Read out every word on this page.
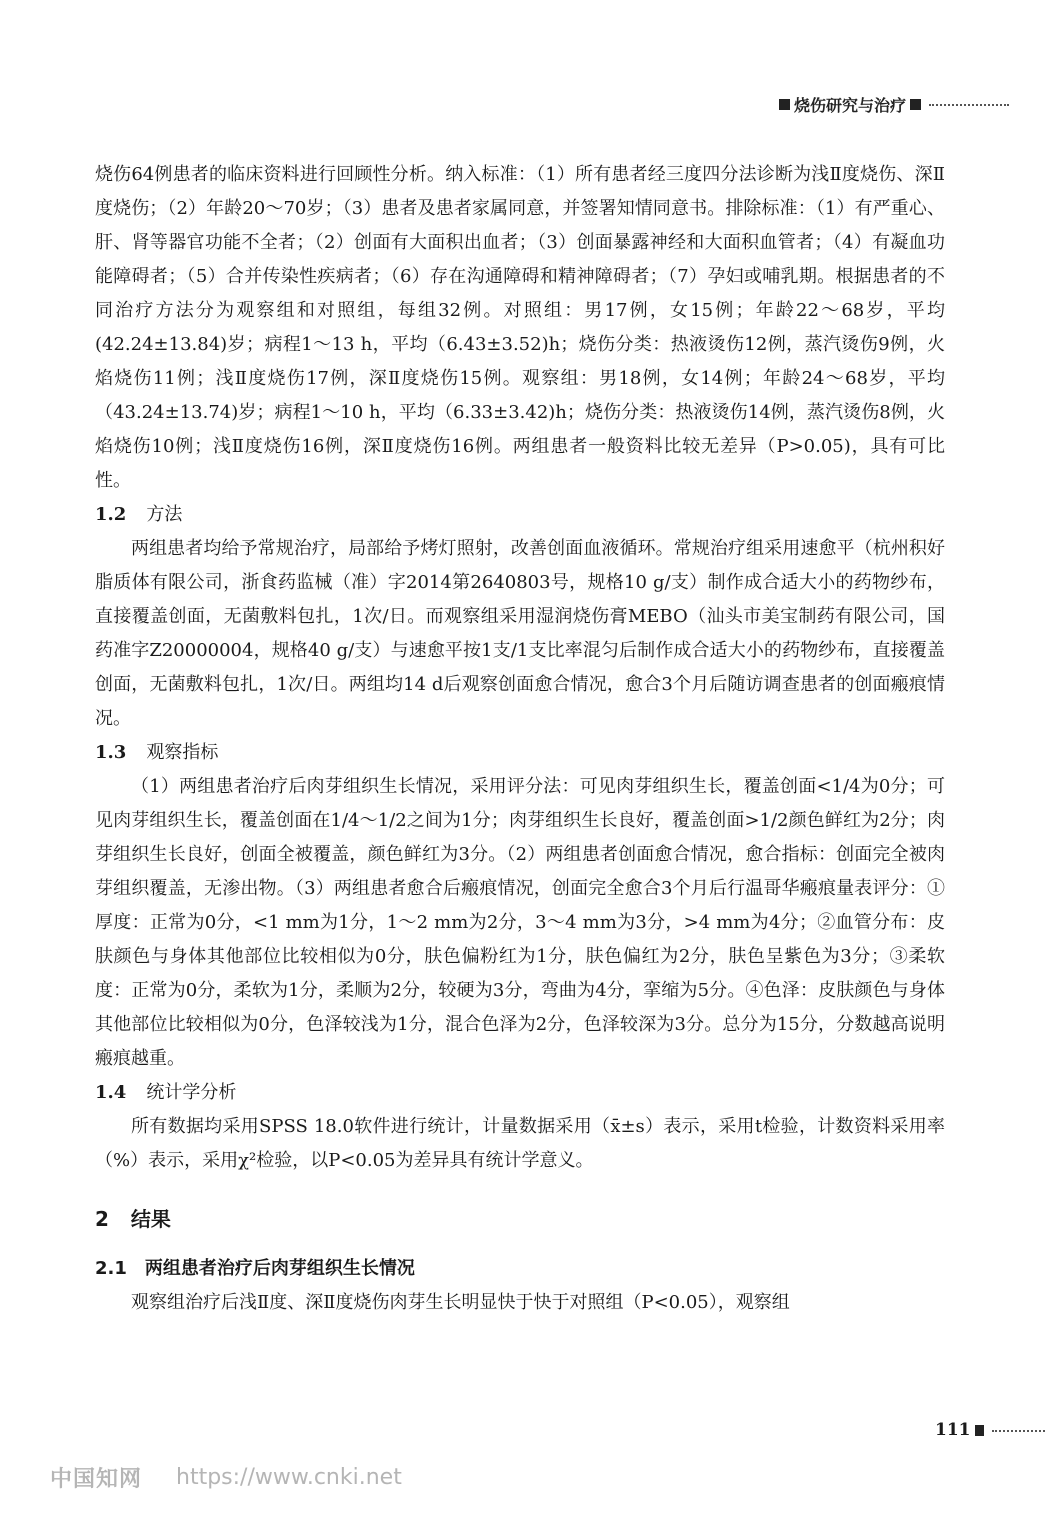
烧伤研究与治疗

烧伤64例患者的临床资料进行回顾性分析。纳入标准：（1）所有患者经三度四分法诊断为浅Ⅱ度烧伤、深Ⅱ度烧伤；（2）年龄20～70岁；（3）患者及患者家属同意，并签署知情同意书。排除标准：（1）有严重心、肝、肾等器官功能不全者；（2）创面有大面积出血者；（3）创面暴露神经和大面积血管者；（4）有凝血功能障碍者；（5）合并传染性疾病者；（6）存在沟通障碍和精神障碍者；（7）孕妇或哺乳期。根据患者的不同治疗方法分为观察组和对照组，每组32例。对照组：男17例，女15例；年龄22～68岁，平均(42.24±13.84)岁；病程1～13 h，平均（6.43±3.52)h；烧伤分类：热液烫伤12例，蒸汽烫伤9例，火焰烧伤11例；浅Ⅱ度烧伤17例，深Ⅱ度烧伤15例。观察组：男18例，女14例；年龄24～68岁，平均（43.24±13.74)岁；病程1～10 h，平均（6.33±3.42)h；烧伤分类：热液烫伤14例，蒸汽烫伤8例，火焰烧伤10例；浅Ⅱ度烧伤16例，深Ⅱ度烧伤16例。两组患者一般资料比较无差异（P>0.05)，具有可比性。

1.2 方法

两组患者均给予常规治疗，局部给予烤灯照射，改善创面血液循环。常规治疗组采用速愈平（杭州积好脂质体有限公司，浙食药监械（准）字2014第2640803号，规格10 g/支）制作成合适大小的药物纱布，直接覆盖创面，无菌敷料包扎，1次/日。而观察组采用湿润烧伤膏MEBO（汕头市美宝制药有限公司，国药准字Z20000004，规格40 g/支）与速愈平按1支/1支比率混匀后制作成合适大小的药物纱布，直接覆盖创面，无菌敷料包扎，1次/日。两组均14 d后观察创面愈合情况，愈合3个月后随访调查患者的创面瘢痕情况。

1.3 观察指标

（1）两组患者治疗后肉芽组织生长情况，采用评分法：可见肉芽组织生长，覆盖创面<1/4为0分；可见肉芽组织生长，覆盖创面在1/4～1/2之间为1分；肉芽组织生长良好，覆盖创面>1/2颜色鲜红为2分；肉芽组织生长良好，创面全被覆盖，颜色鲜红为3分。（2）两组患者创面愈合情况，愈合指标：创面完全被肉芽组织覆盖，无渗出物。（3）两组患者愈合后瘢痕情况，创面完全愈合3个月后行温哥华瘢痕量表评分：①厚度：正常为0分，<1 mm为1分，1～2 mm为2分，3～4 mm为3分，>4 mm为4分；②血管分布：皮肤颜色与身体其他部位比较相似为0分，肤色偏粉红为1分，肤色偏红为2分，肤色呈紫色为3分；③柔软度：正常为0分，柔软为1分，柔顺为2分，较硬为3分，弯曲为4分，挛缩为5分。④色泽：皮肤颜色与身体其他部位比较相似为0分，色泽较浅为1分，混合色泽为2分，色泽较深为3分。总分为15分，分数越高说明瘢痕越重。

1.4 统计学分析

所有数据均采用SPSS 18.0软件进行统计，计量数据采用（x̄±s）表示，采用t检验，计数资料采用率（%）表示，采用χ²检验，以P<0.05为差异具有统计学意义。

2 结果

2.1 两组患者治疗后肉芽组织生长情况

观察组治疗后浅Ⅱ度、深Ⅱ度烧伤肉芽生长明显快于快于对照组（P<0.05），观察组

111
中国知网 https://www.cnki.net
